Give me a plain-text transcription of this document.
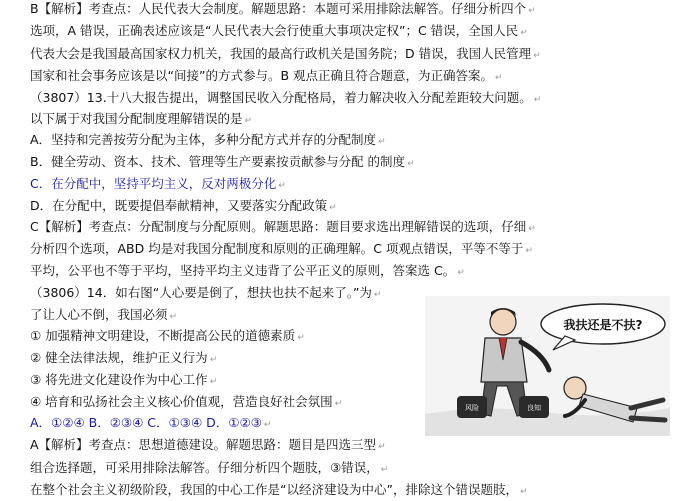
B【解析】考查点：人民代表大会制度。解题思路：本题可采用排除法解答。仔细分析四个 ↵
选项，A 错误，正确表述应该是“人民代表大会行使重大事项决定权”；C 错误，全国人民 ↵
代表大会是我国最高国家权力机关，我国的最高行政机关是国务院；D 错误，我国人民管理 ↵
国家和社会事务应该是以“间接”的方式参与。B 观点正确且符合题意，为正确答案。 ↵
（3807）13.十八大报告提出，调整国民收入分配格局，着力解决收入分配差距较大问题。 ↵
以下属于对我国分配制度理解错误的是 ↵
A．坚持和完善按劳分配为主体，多种分配方式并存的分配制度 ↵
B．健全劳动、资本、技术、管理等生产要素按贡献参与分配 的制度 ↵
C．在分配中，坚持平均主义，反对两极分化 ↵
D．在分配中，既要提倡奉献精神，又要落实分配政策 ↵
C【解析】考查点：分配制度与分配原则。解题思路：题目要求选出理解错误的选项，仔细 ↵
分析四个选项，ABD 均是对我国分配制度和原则的正确理解。C 项观点错误，平等不等于 ↵
平均，公平也不等于平均，坚持平均主义违背了公平正义的原则，答案选 C。 ↵
（3806）14．如右图“人心要是倒了，想扶也扶不起来了。”为 ↵
了让人心不倒，我国必须 ↵
① 加强精神文明建设，不断提高公民的道德素质 ↵
② 健全法律法规，维护正义行为 ↵
③ 将先进文化建设作为中心工作 ↵
④ 培育和弘扬社会主义核心价值观，营造良好社会氛围 ↵
A．①②④ B．②③④ C．①③④ D．①②③ ↵
A【解析】考查点：思想道德建设。解题思路：题目是四选三型 ↵
组合选择题，可采用排除法解答。仔细分析四个题肢，③错误， ↵
在整个社会主义初级阶段，我国的中心工作是“以经济建设为中心”，排除这个错误题肢， ↵
我扶还是不扶?
风险	良知
